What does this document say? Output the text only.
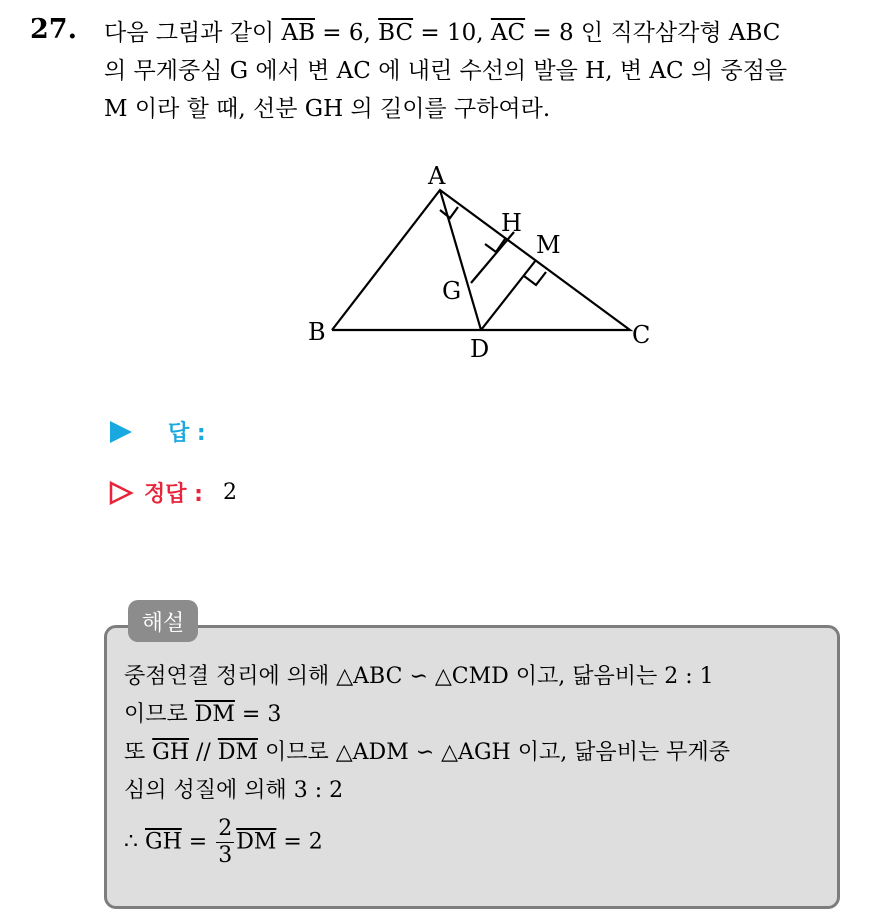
27. 다음 그림과 같이 $\overline{AB} = 6$, $\overline{BC} = 10$, $\overline{AC} = 8$ 인 직각삼각형 ABC
의 무게중심 G 에서 변 AC 에 내린 수선의 발을 H, 변 AC 의 중점을
M 이라 할 때, 선분 GH 의 길이를 구하여라.
A
B	C
D
G
H
M
답 :
정답 : 2
해설
중점연결 정리에 의해 △ABC ∽ △CMD 이고, 닮음비는 2 : 1
이므로 $\overline{DM} = 3$
또 $\overline{GH} // \overline{DM}$ 이므로 △ADM ∽ △AGH 이고, 닮음비는 무게중
심의 성질에 의해 3 : 2
∴ $\overline{GH} = \frac{2}{3} \overline{DM} = 2$
